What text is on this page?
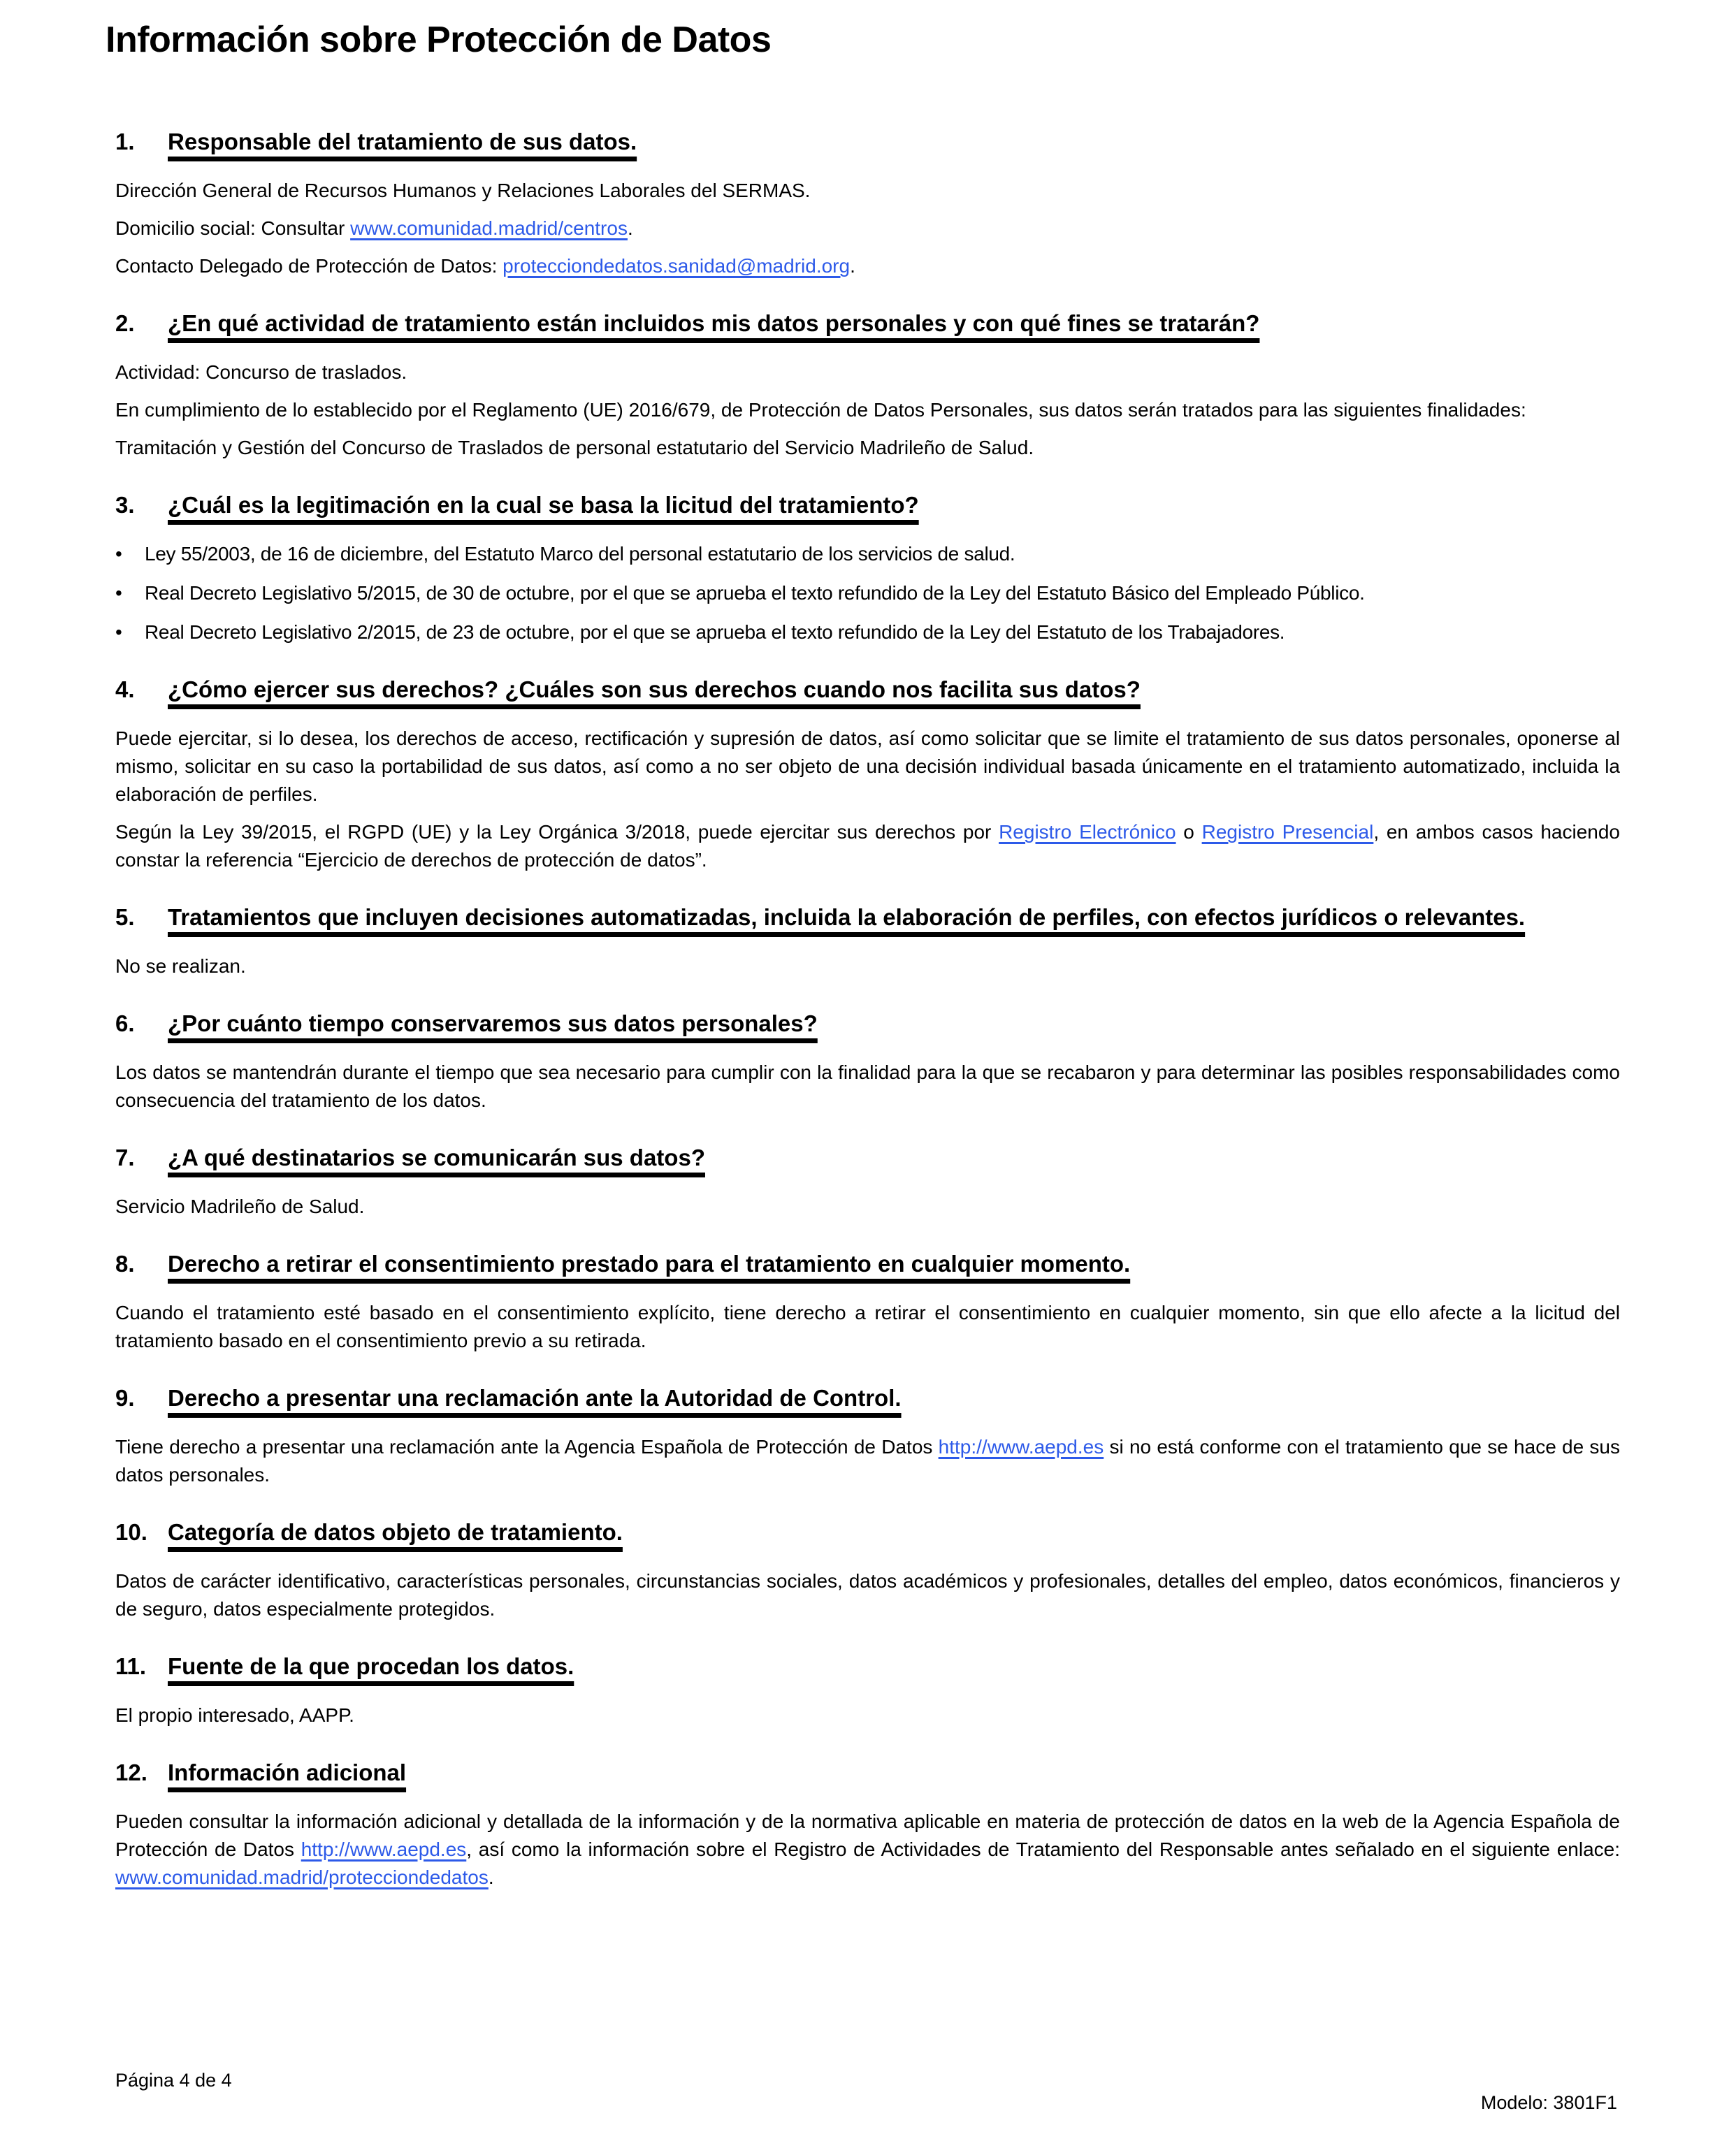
Información sobre Protección de Datos
1.	Responsable del tratamiento de sus datos.

Dirección General de Recursos Humanos y Relaciones Laborales del SERMAS.

Domicilio social: Consultar www.comunidad.madrid/centros.

Contacto Delegado de Protección de Datos: protecciondedatos.sanidad@madrid.org.

2.	¿En qué actividad de tratamiento están incluidos mis datos personales y con qué fines se tratarán?

Actividad: Concurso de traslados.

En cumplimiento de lo establecido por el Reglamento (UE) 2016/679, de Protección de Datos Personales, sus datos serán tratados para las siguientes finalidades:

Tramitación y Gestión del Concurso de Traslados de personal estatutario del Servicio Madrileño de Salud.

3.	¿Cuál es la legitimación en la cual se basa la licitud del tratamiento?
•	Ley 55/2003, de 16 de diciembre, del Estatuto Marco del personal estatutario de los servicios de salud.
•	Real Decreto Legislativo 5/2015, de 30 de octubre, por el que se aprueba el texto refundido de la Ley del Estatuto Básico del Empleado Público.
•	Real Decreto Legislativo 2/2015, de 23 de octubre, por el que se aprueba el texto refundido de la Ley del Estatuto de los Trabajadores.
4.	¿Cómo ejercer sus derechos? ¿Cuáles son sus derechos cuando nos facilita sus datos?

Puede ejercitar, si lo desea, los derechos de acceso, rectificación y supresión de datos, así como solicitar que se limite el tratamiento de sus datos personales, oponerse al mismo, solicitar en su caso la portabilidad de sus datos, así como a no ser objeto de una decisión individual basada únicamente en el tratamiento automatizado, incluida la elaboración de perfiles.

Según la Ley 39/2015, el RGPD (UE) y la Ley Orgánica 3/2018, puede ejercitar sus derechos por Registro Electrónico o Registro Presencial, en ambos casos haciendo constar la referencia “Ejercicio de derechos de protección de datos”.

5.	Tratamientos que incluyen decisiones automatizadas, incluida la elaboración de perfiles, con efectos jurídicos o relevantes.

No se realizan.

6.	¿Por cuánto tiempo conservaremos sus datos personales?

Los datos se mantendrán durante el tiempo que sea necesario para cumplir con la finalidad para la que se recabaron y para determinar las posibles responsabilidades como consecuencia del tratamiento de los datos.

7.	¿A qué destinatarios se comunicarán sus datos?

Servicio Madrileño de Salud.

8.	Derecho a retirar el consentimiento prestado para el tratamiento en cualquier momento.

Cuando el tratamiento esté basado en el consentimiento explícito, tiene derecho a retirar el consentimiento en cualquier momento, sin que ello afecte a la licitud del tratamiento basado en el consentimiento previo a su retirada.

9.	Derecho a presentar una reclamación ante la Autoridad de Control.

Tiene derecho a presentar una reclamación ante la Agencia Española de Protección de Datos http://www.aepd.es si no está conforme con el tratamiento que se hace de sus datos personales.

10. Categoría de datos objeto de tratamiento.

Datos de carácter identificativo, características personales, circunstancias sociales, datos académicos y profesionales, detalles del empleo, datos económicos, financieros y de seguro, datos especialmente protegidos.

11. Fuente de la que procedan los datos.

El propio interesado, AAPP.

12. Información adicional

Pueden consultar la información adicional y detallada de la información y de la normativa aplicable en materia de protección de datos en la web de la Agencia Española de Protección de Datos http://www.aepd.es, así como la información sobre el Registro de Actividades de Tratamiento del Responsable antes señalado en el siguiente enlace: www.comunidad.madrid/protecciondedatos.

Página 4 de 4
Modelo: 3801F1
